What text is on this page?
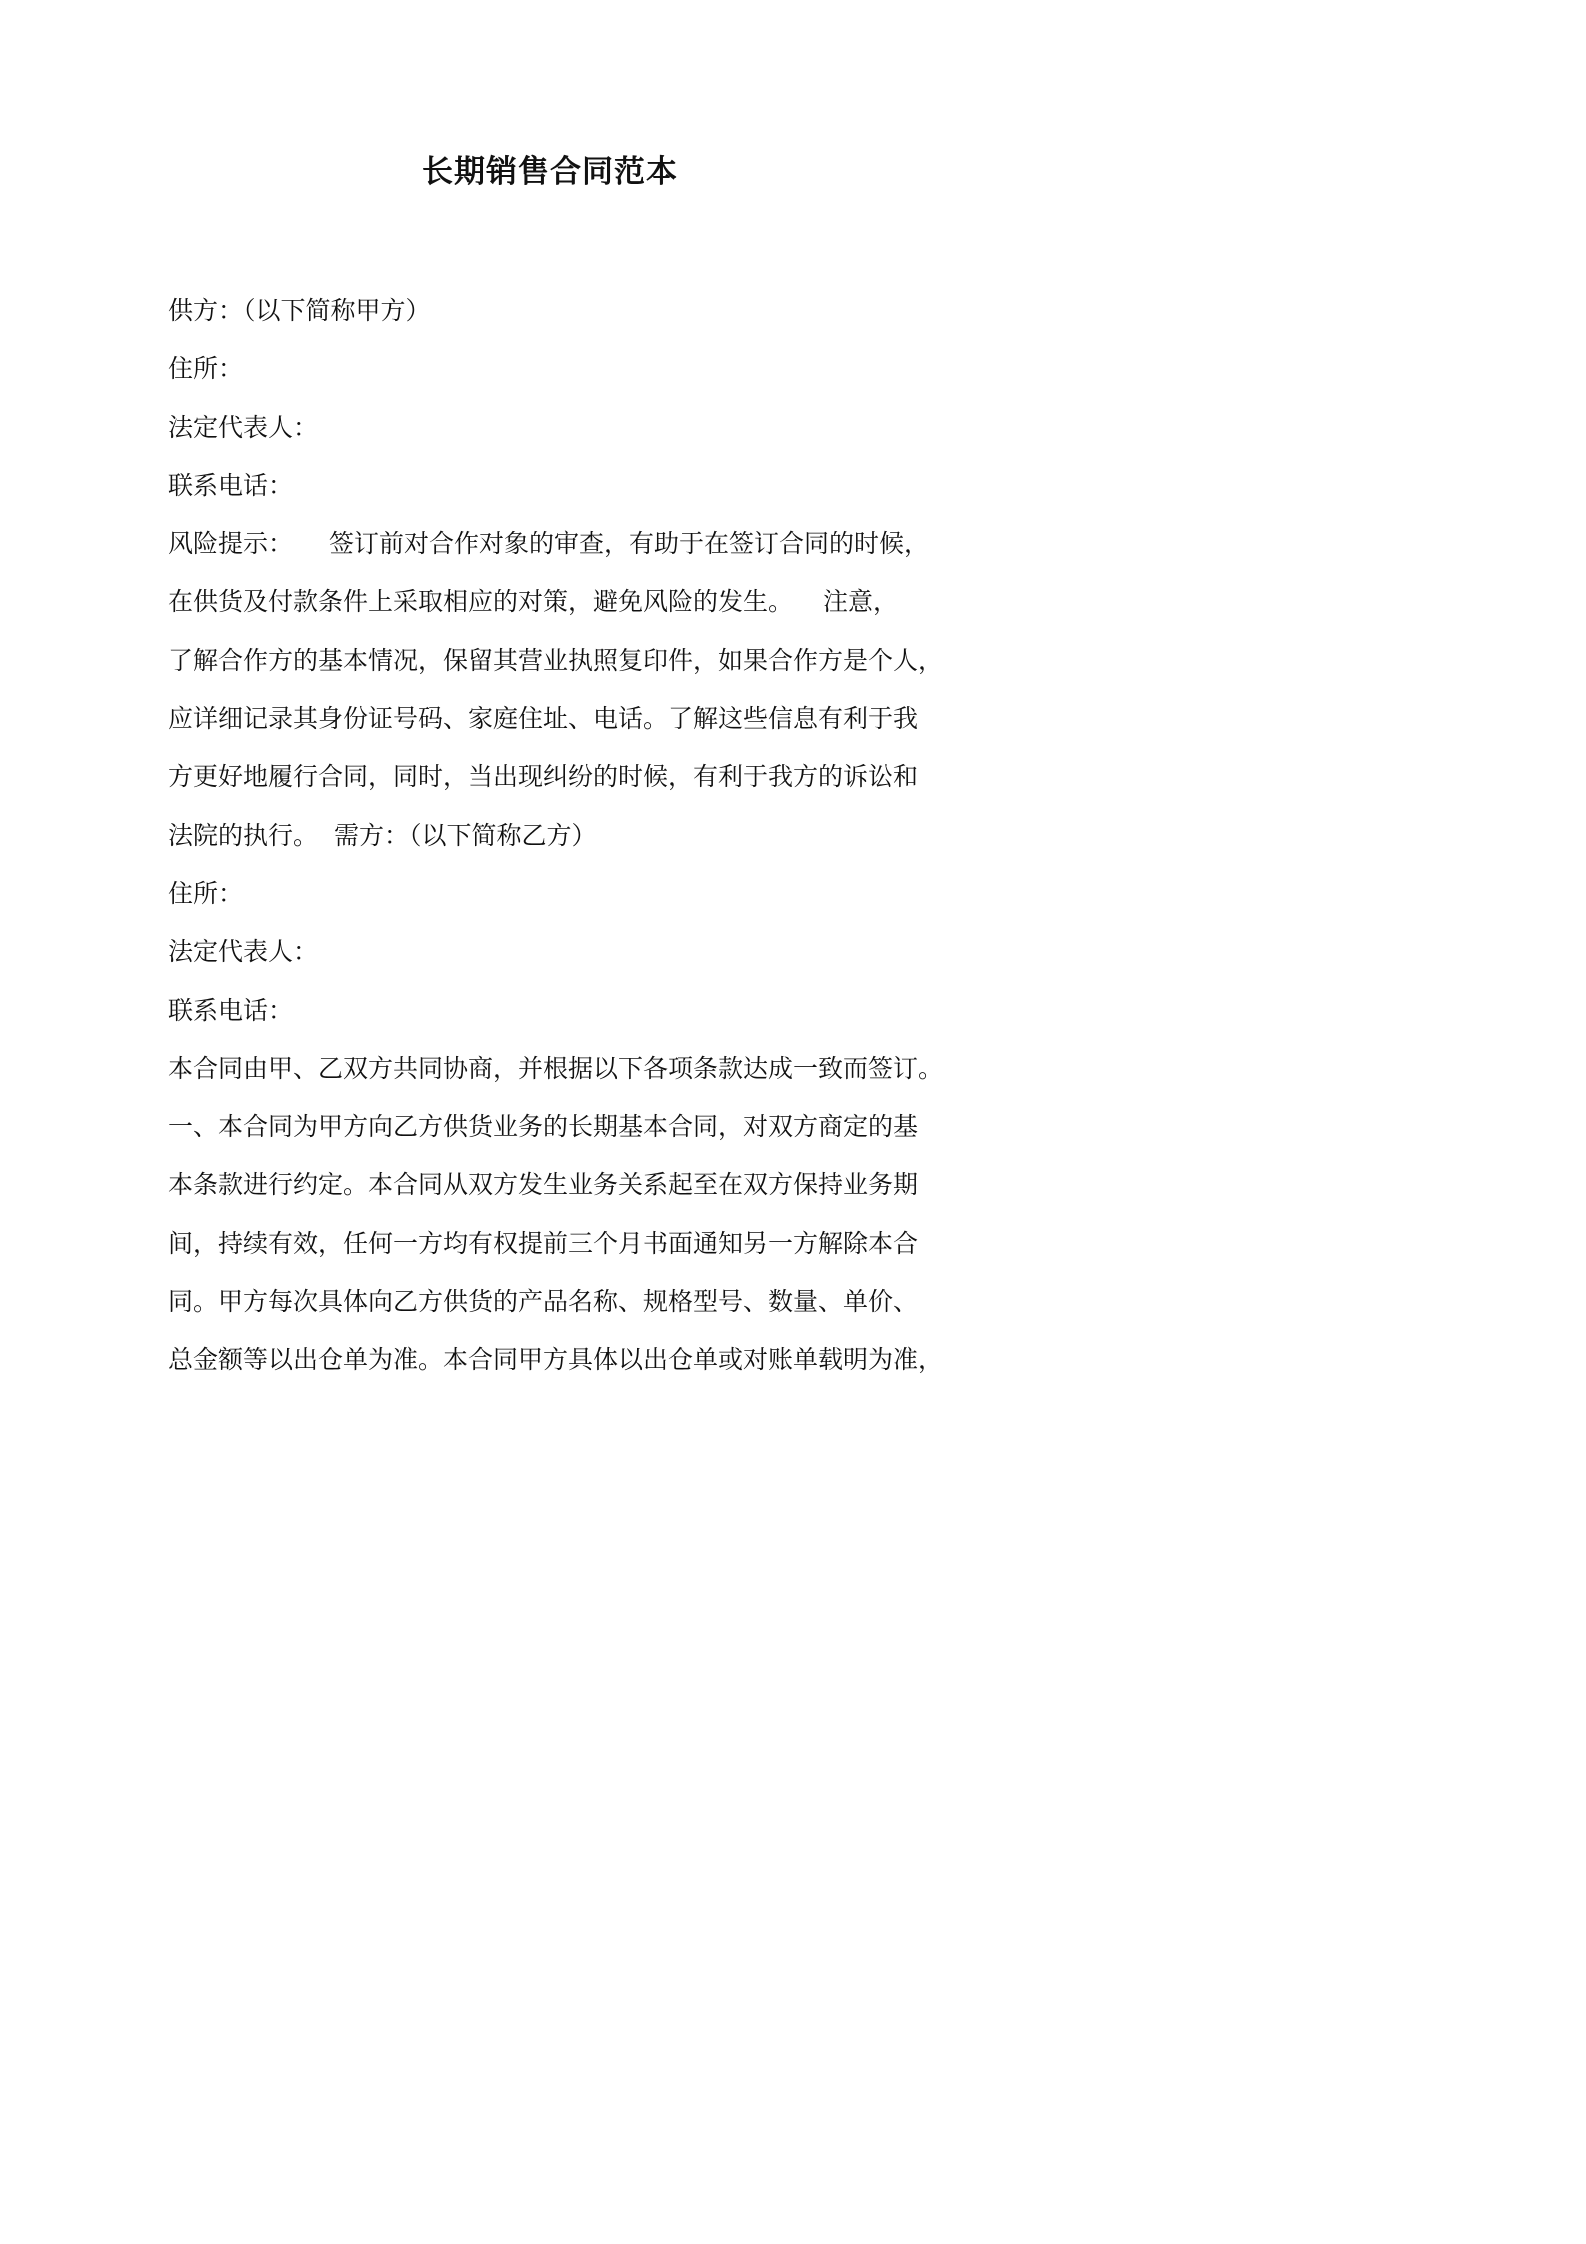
长期销售合同范本
供方：（以下简称甲方）
住所：
法定代表人：
联系电话：
风险提示： 签订前对合作对象的审查，有助于在签订合同的时候，
在供货及付款条件上采取相应的对策，避免风险的发生。 注意，
了解合作方的基本情况，保留其营业执照复印件，如果合作方是个人，
应详细记录其身份证号码、家庭住址、电话。了解这些信息有利于我
方更好地履行合同，同时，当出现纠纷的时候，有利于我方的诉讼和
法院的执行。 需方：（以下简称乙方）
住所：
法定代表人：
联系电话：
本合同由甲、乙双方共同协商，并根据以下各项条款达成一致而签订。
一、本合同为甲方向乙方供货业务的长期基本合同，对双方商定的基
本条款进行约定。本合同从双方发生业务关系起至在双方保持业务期
间，持续有效，任何一方均有权提前三个月书面通知另一方解除本合
同。甲方每次具体向乙方供货的产品名称、规格型号、数量、单价、
总金额等以出仓单为准。本合同甲方具体以出仓单或对账单载明为准，
